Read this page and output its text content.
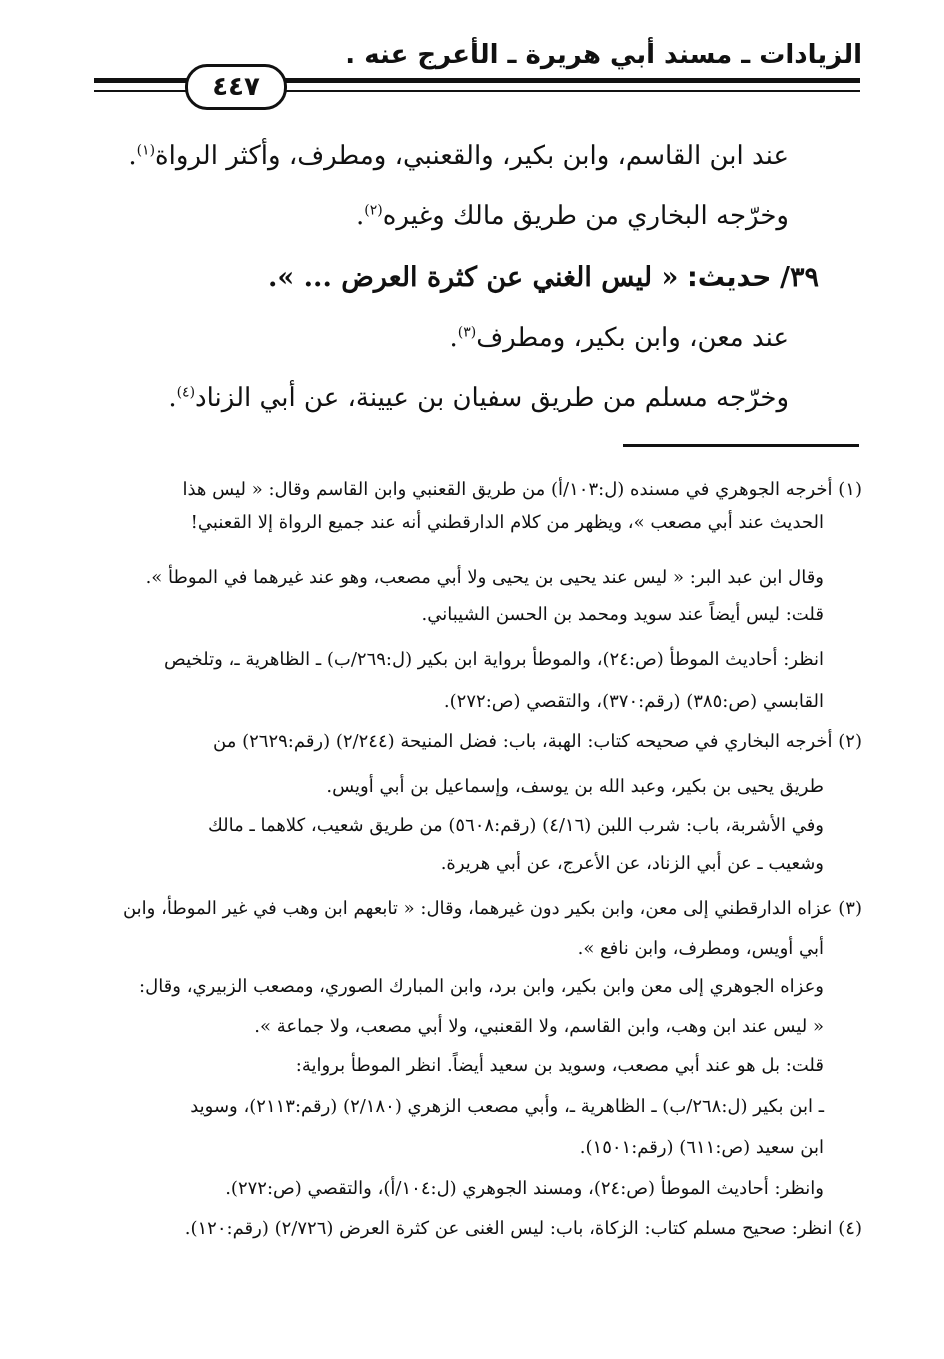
الزيادات ـ مسند أبي هريرة ـ الأعرج عنه .
٤٤٧
عند ابن القاسم، وابن بكير، والقعنبي، ومطرف، وأكثر الرواة$^{(١)}$.
وخرّجه البخاري من طريق مالك وغيره$^{(٢)}$.
٣٩/ حديث: « ليس الغني عن كثرة العرض ... ».
عند معن، وابن بكير، ومطرف$^{(٣)}$.
وخرّجه مسلم من طريق سفيان بن عيينة، عن أبي الزناد$^{(٤)}$.
(١) أخرجه الجوهري في مسنده (ل:١٠٣/أ) من طريق القعنبي وابن القاسم وقال: « ليس هذا
الحديث عند أبي مصعب »، ويظهر من كلام الدارقطني أنه عند جميع الرواة إلا القعنبي!
وقال ابن عبد البر: « ليس عند يحيى بن يحيى ولا أبي مصعب، وهو عند غيرهما في الموطأ ».
قلت: ليس أيضاً عند سويد ومحمد بن الحسن الشيباني.
انظر: أحاديث الموطأ (ص:٢٤)، والموطأ برواية ابن بكير (ل:٢٦٩/ب) ـ الظاهرية ـ، وتلخيص
القابسي (ص:٣٨٥) (رقم:٣٧٠)، والتقصي (ص:٢٧٢).
(٢) أخرجه البخاري في صحيحه كتاب: الهبة، باب: فضل المنيحة (٢/٢٤٤) (رقم:٢٦٢٩) من
طريق يحيى بن بكير، وعبد الله بن يوسف، وإسماعيل بن أبي أويس.
وفي الأشربة، باب: شرب اللبن (٤/١٦) (رقم:٥٦٠٨) من طريق شعيب، كلاهما ـ مالك
وشعيب ـ عن أبي الزناد، عن الأعرج، عن أبي هريرة.
(٣) عزاه الدارقطني إلى معن، وابن بكير دون غيرهما، وقال: « تابعهم ابن وهب في غير الموطأ، وابن
أبي أويس، ومطرف، وابن نافع ».
وعزاه الجوهري إلى معن وابن بكير، وابن برد، وابن المبارك الصوري، ومصعب الزبيري، وقال:
« ليس عند ابن وهب، وابن القاسم، ولا القعنبي، ولا أبي مصعب، ولا جماعة ».
قلت: بل هو عند أبي مصعب، وسويد بن سعيد أيضاً. انظر الموطأ برواية:
ـ ابن بكير (ل:٢٦٨/ب) ـ الظاهرية ـ، وأبي مصعب الزهري (٢/١٨٠) (رقم:٢١١٣)، وسويد
ابن سعيد (ص:٦١١) (رقم:١٥٠١).
وانظر: أحاديث الموطأ (ص:٢٤)، ومسند الجوهري (ل:١٠٤/أ)، والتقصي (ص:٢٧٢).
(٤) انظر: صحيح مسلم كتاب: الزكاة، باب: ليس الغنى عن كثرة العرض (٢/٧٢٦) (رقم:١٢٠).
